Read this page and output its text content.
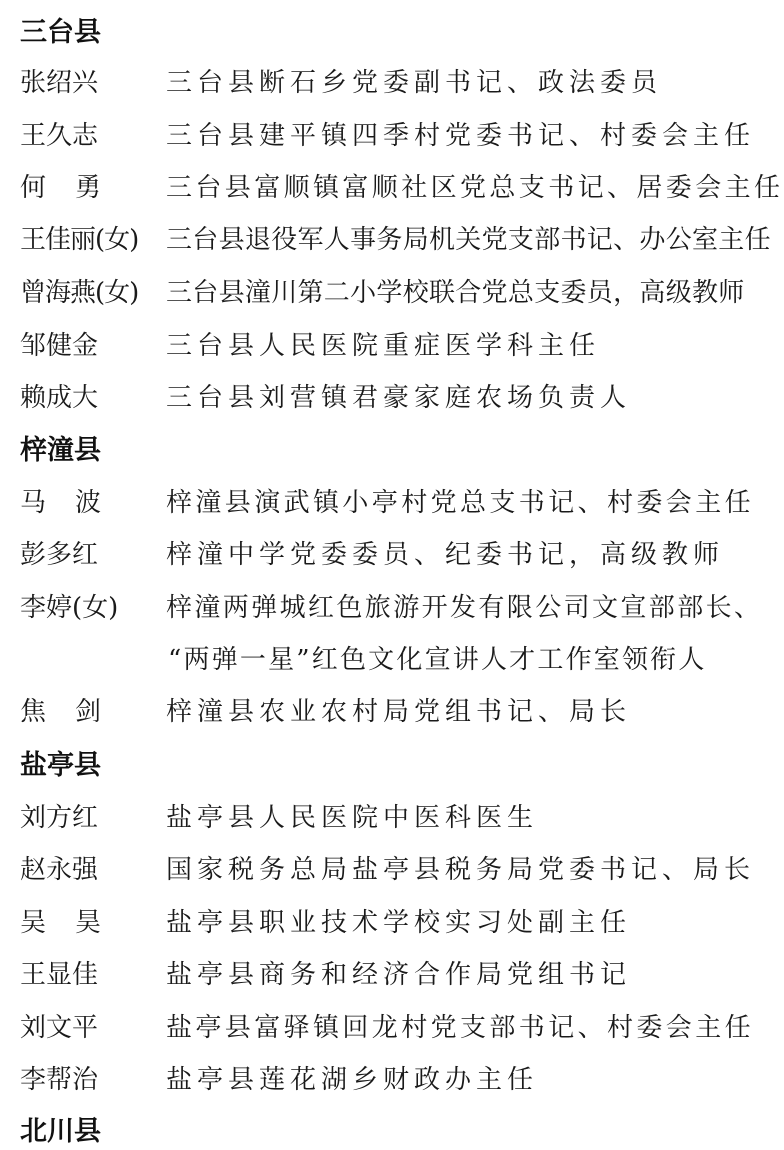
三台县
张绍兴	三台县断石乡党委副书记、政法委员
王久志	三台县建平镇四季村党委书记、村委会主任
何勇 三台县富顺镇富顺社区党总支书记、居委会主任
王佳丽(女) 三台县退役军人事务局机关党支部书记、办公室主任
曾海燕(女) 三台县潼川第二小学校联合党总支委员，高级教师
邹健金	三台县人民医院重症医学科主任
赖成大	三台县刘营镇君豪家庭农场负责人
梓潼县
马波 梓潼县演武镇小亭村党总支书记、村委会主任
彭多红	梓潼中学党委委员、纪委书记，高级教师
李婷(女) 梓潼两弹城红色旅游开发有限公司文宣部部长、
“两弹一星”红色文化宣讲人才工作室领衔人
焦剑 梓潼县农业农村局党组书记、局长
盐亭县
刘方红	盐亭县人民医院中医科医生
赵永强	国家税务总局盐亭县税务局党委书记、局长
吴昊 盐亭县职业技术学校实习处副主任
王显佳	盐亭县商务和经济合作局党组书记
刘文平	盐亭县富驿镇回龙村党支部书记、村委会主任
李帮治	盐亭县莲花湖乡财政办主任
北川县
